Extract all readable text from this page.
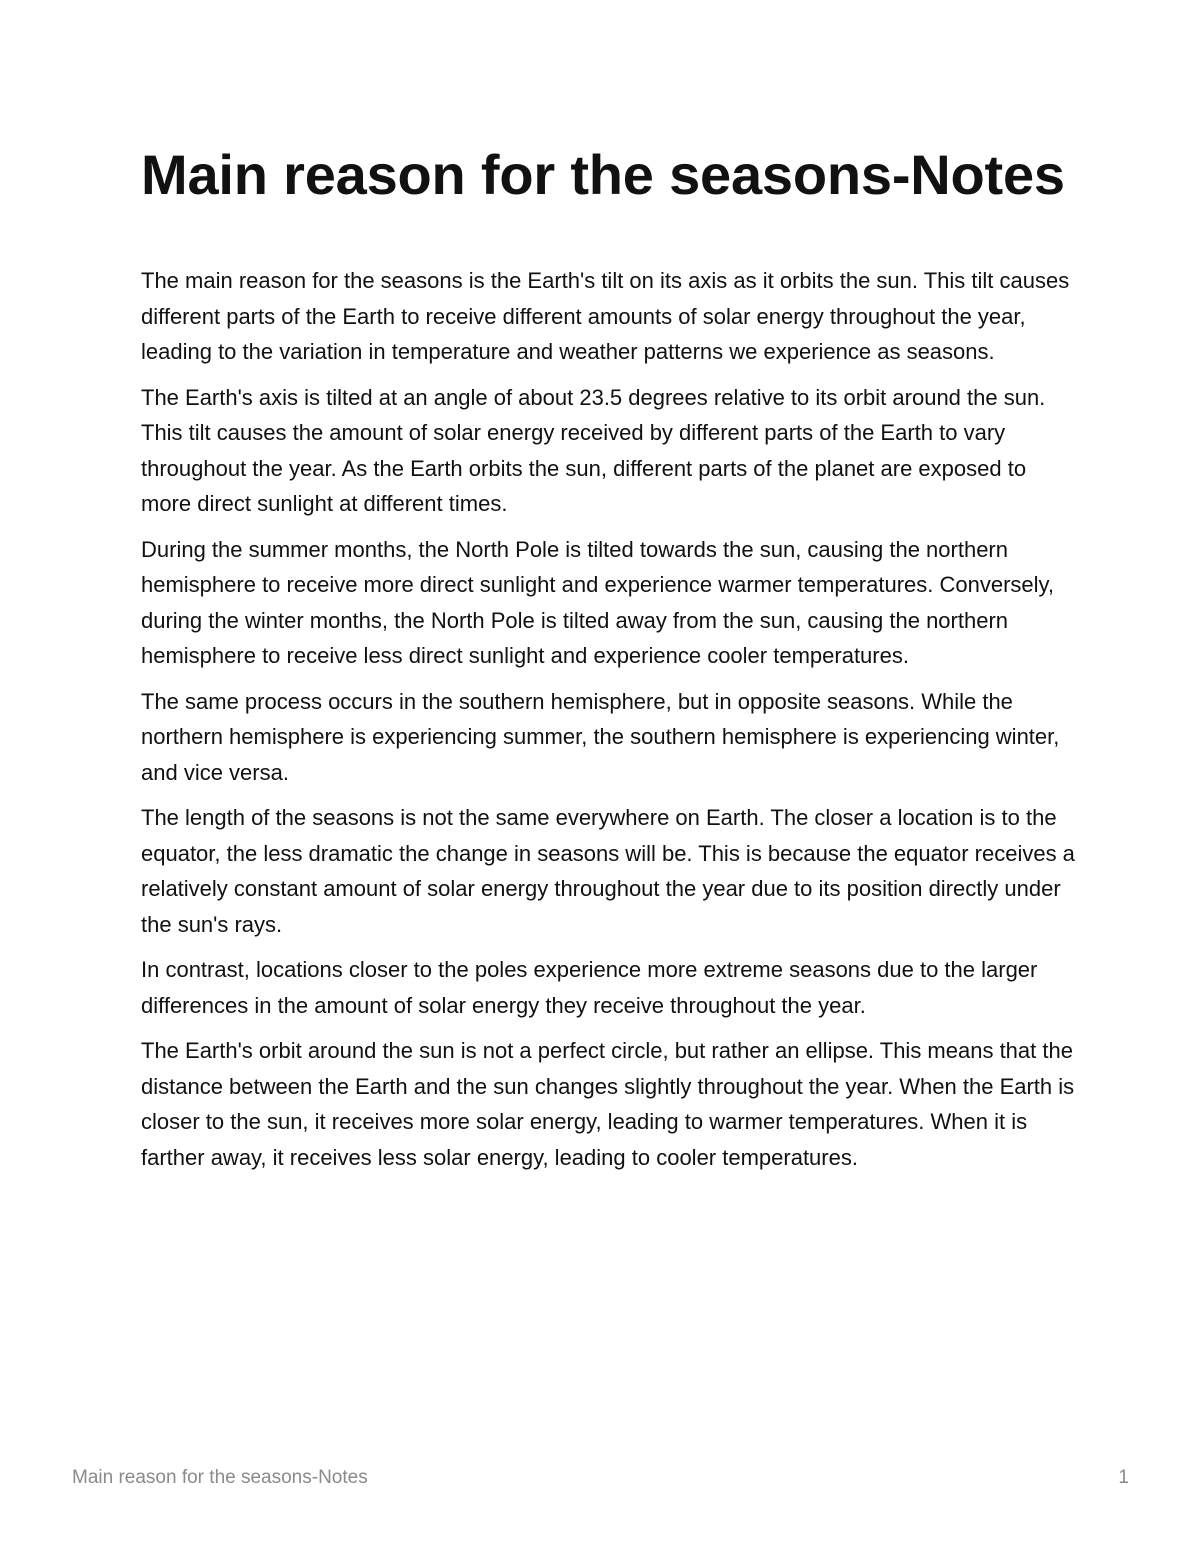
Main reason for the seasons-Notes

The main reason for the seasons is the Earth's tilt on its axis as it orbits the sun. This tilt causes different parts of the Earth to receive different amounts of solar energy throughout the year, leading to the variation in temperature and weather patterns we experience as seasons.

The Earth's axis is tilted at an angle of about 23.5 degrees relative to its orbit around the sun. This tilt causes the amount of solar energy received by different parts of the Earth to vary throughout the year. As the Earth orbits the sun, different parts of the planet are exposed to more direct sunlight at different times.

During the summer months, the North Pole is tilted towards the sun, causing the northern hemisphere to receive more direct sunlight and experience warmer temperatures. Conversely, during the winter months, the North Pole is tilted away from the sun, causing the northern hemisphere to receive less direct sunlight and experience cooler temperatures.

The same process occurs in the southern hemisphere, but in opposite seasons. While the northern hemisphere is experiencing summer, the southern hemisphere is experiencing winter, and vice versa.

The length of the seasons is not the same everywhere on Earth. The closer a location is to the equator, the less dramatic the change in seasons will be. This is because the equator receives a relatively constant amount of solar energy throughout the year due to its position directly under the sun's rays.

In contrast, locations closer to the poles experience more extreme seasons due to the larger differences in the amount of solar energy they receive throughout the year.

The Earth's orbit around the sun is not a perfect circle, but rather an ellipse. This means that the distance between the Earth and the sun changes slightly throughout the year. When the Earth is closer to the sun, it receives more solar energy, leading to warmer temperatures. When it is farther away, it receives less solar energy, leading to cooler temperatures.

Main reason for the seasons-Notes	1
